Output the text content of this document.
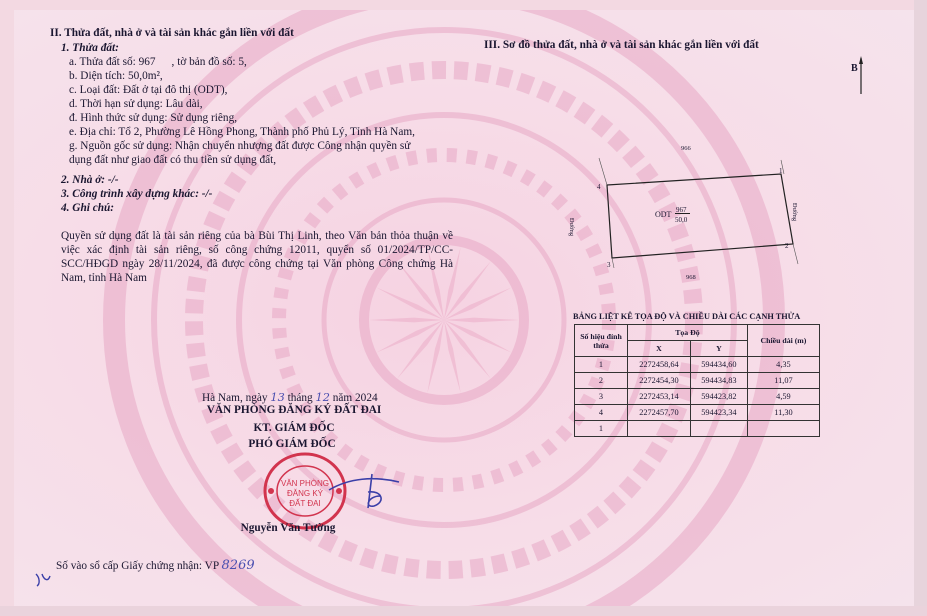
II. Thửa đất, nhà ở và tài sản khác gắn liền với đất
1. Thửa đất:
a. Thửa đất số: 967 , tờ bản đồ số: 5,
b. Diện tích: 50,0m²,
c. Loại đất: Đất ở tại đô thị (ODT),
d. Thời hạn sử dụng: Lâu dài,
đ. Hình thức sử dụng: Sử dụng riêng,
e. Địa chỉ: Tổ 2, Phường Lê Hồng Phong, Thành phố Phủ Lý, Tỉnh Hà Nam,
g. Nguồn gốc sử dụng: Nhận chuyển nhượng đất được Công nhận quyền sử
dụng đất như giao đất có thu tiền sử dụng đất,
2. Nhà ở: -/-
3. Công trình xây dựng khác: -/-
4. Ghi chú:
Quyền sử dụng đất là tài sản riêng của bà Bùi Thị Linh, theo Văn bản thỏa thuận về việc xác định tài sản riêng, số công chứng 12011, quyển số 01/2024/TP/CC-SCC/HĐGD ngày 28/11/2024, đã được công chứng tại Văn phòng Công chứng Hà Nam, tỉnh Hà Nam
Hà Nam, ngày 13 tháng 12 năm 2024
VĂN PHÒNG ĐĂNG KÝ ĐẤT ĐAI
KT. GIÁM ĐỐC
PHÓ GIÁM ĐỐC
VĂN PHÒNG
ĐĂNG KÝ
ĐẤT ĐAI
Nguyễn Văn Tường
Số vào sổ cấp Giấy chứng nhận: VP 8269
III. Sơ đồ thửa đất, nhà ở và tài sản khác gắn liền với đất
B
966
968
Đường
Đường
ODT 967
50,0
1
2
3
4
BẢNG LIỆT KÊ TỌA ĐỘ VÀ CHIỀU DÀI CÁC CẠNH THỬA
Số hiệu đỉnh thửa	Tọa Độ		Chiều dài (m)
	X	Y	
1	2272458,64	594434,60	4,35
2	2272454,30	594434,83	11,07
3	2272453,14	594423,82	4,59
4	2272457,70	594423,34	11,30
1			
